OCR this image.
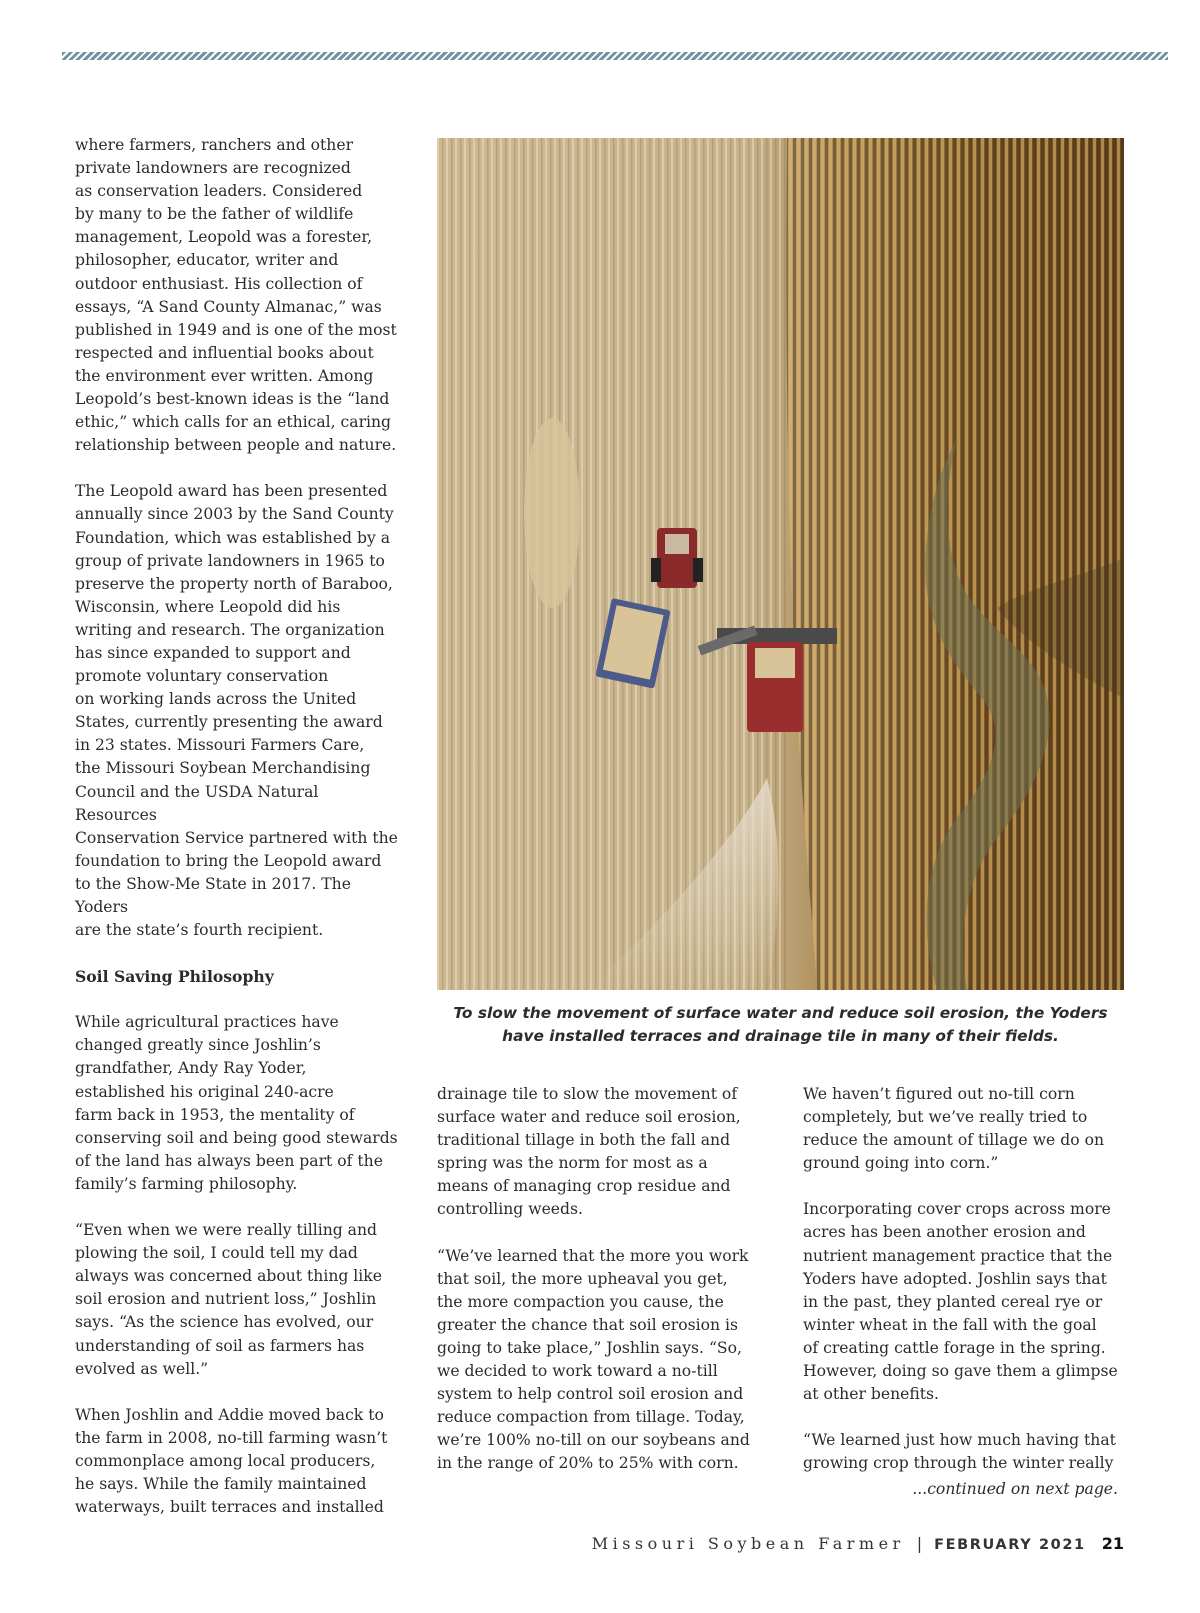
where farmers, ranchers and other
private landowners are recognized
as conservation leaders. Considered
by many to be the father of wildlife
management, Leopold was a forester,
philosopher, educator, writer and
outdoor enthusiast. His collection of
essays, “A Sand County Almanac,” was
published in 1949 and is one of the most
respected and influential books about
the environment ever written. Among
Leopold’s best-known ideas is the “land
ethic,” which calls for an ethical, caring
relationship between people and nature.

The Leopold award has been presented
annually since 2003 by the Sand County
Foundation, which was established by a
group of private landowners in 1965 to
preserve the property north of Baraboo,
Wisconsin, where Leopold did his
writing and research. The organization
has since expanded to support and
promote voluntary conservation
on working lands across the United
States, currently presenting the award
in 23 states. Missouri Farmers Care,
the Missouri Soybean Merchandising
Council and the USDA Natural Resources
Conservation Service partnered with the
foundation to bring the Leopold award
to the Show-Me State in 2017. The Yoders
are the state’s fourth recipient.

Soil Saving Philosophy

While agricultural practices have
changed greatly since Joshlin’s
grandfather, Andy Ray Yoder,
established his original 240-acre
farm back in 1953, the mentality of
conserving soil and being good stewards
of the land has always been part of the
family’s farming philosophy.

“Even when we were really tilling and
plowing the soil, I could tell my dad
always was concerned about thing like
soil erosion and nutrient loss,” Joshlin
says. “As the science has evolved, our
understanding of soil as farmers has
evolved as well.”

When Joshlin and Addie moved back to
the farm in 2008, no-till farming wasn’t
commonplace among local producers,
he says. While the family maintained
waterways, built terraces and installed

To slow the movement of surface water and reduce soil erosion, the Yoders
have installed terraces and drainage tile in many of their fields.

drainage tile to slow the movement of
surface water and reduce soil erosion,
traditional tillage in both the fall and
spring was the norm for most as a
means of managing crop residue and
controlling weeds.

“We’ve learned that the more you work
that soil, the more upheaval you get,
the more compaction you cause, the
greater the chance that soil erosion is
going to take place,” Joshlin says. “So,
we decided to work toward a no-till
system to help control soil erosion and
reduce compaction from tillage. Today,
we’re 100% no-till on our soybeans and
in the range of 20% to 25% with corn.

We haven’t figured out no-till corn
completely, but we’ve really tried to
reduce the amount of tillage we do on
ground going into corn.”

Incorporating cover crops across more
acres has been another erosion and
nutrient management practice that the
Yoders have adopted. Joshlin says that
in the past, they planted cereal rye or
winter wheat in the fall with the goal
of creating cattle forage in the spring.
However, doing so gave them a glimpse
at other benefits.

“We learned just how much having that
growing crop through the winter really

...continued on next page.
Missouri Soybean Farmer | FEBRUARY 2021 21
